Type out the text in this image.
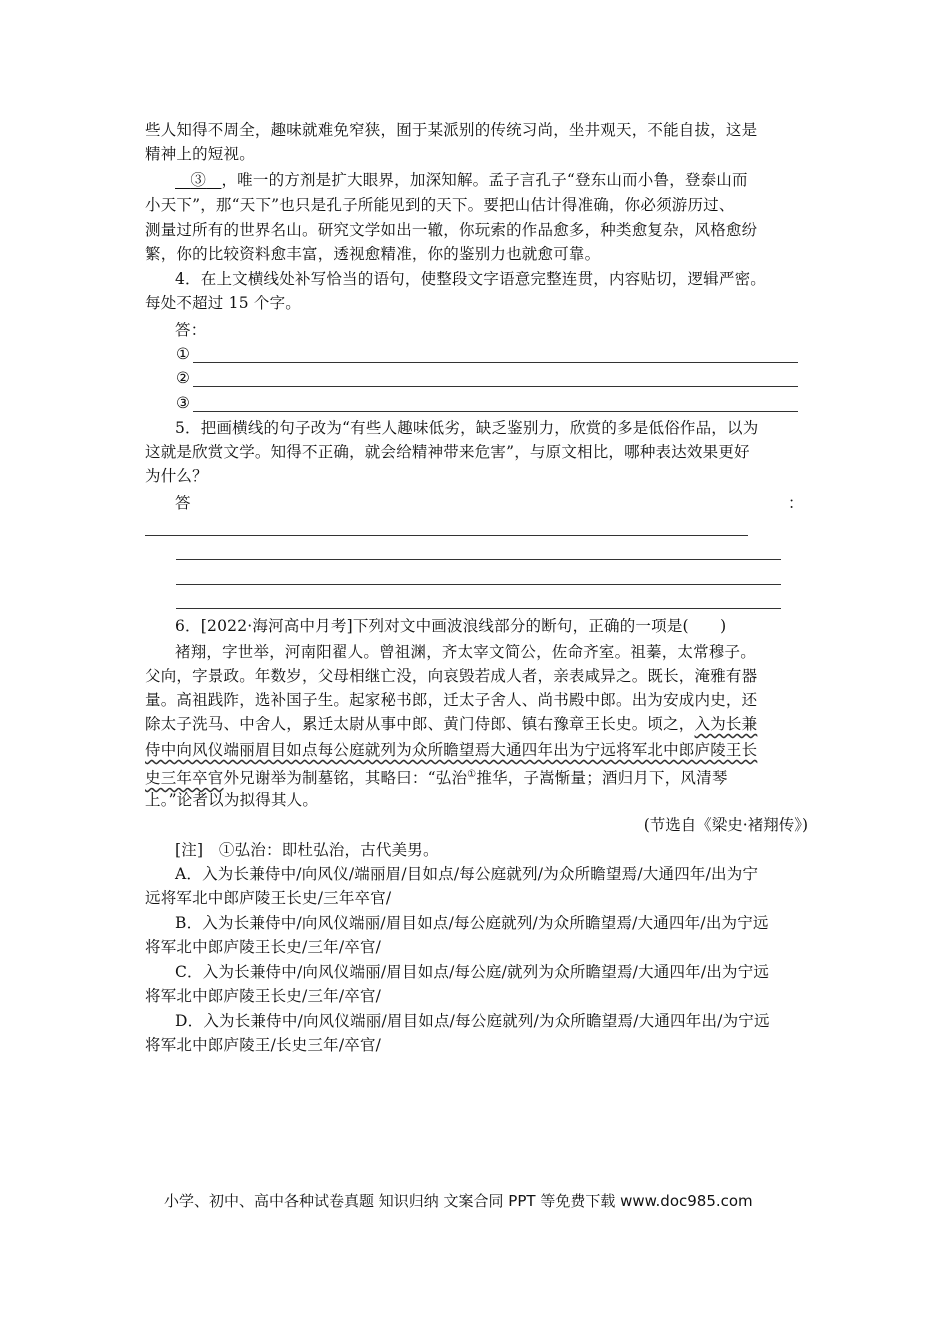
些人知得不周全，趣味就难免窄狭，囿于某派别的传统习尚，坐井观天，不能自拔，这是
精神上的短视。
③ ，唯一的方剂是扩大眼界，加深知解。孟子言孔子“登东山而小鲁，登泰山而
小天下”，那“天下”也只是孔子所能见到的天下。要把山估计得准确，你必须游历过、
测量过所有的世界名山。研究文学如出一辙，你玩索的作品愈多，种类愈复杂，风格愈纷
繁，你的比较资料愈丰富，透视愈精准，你的鉴别力也就愈可靠。
4．在上文横线处补写恰当的语句，使整段文字语意完整连贯，内容贴切，逻辑严密。
每处不超过 15 个字。
答：
①
②
③
5．把画横线的句子改为“有些人趣味低劣，缺乏鉴别力，欣赏的多是低俗作品，以为
这就是欣赏文学。知得不正确，就会给精神带来危害”，与原文相比，哪种表达效果更好
为什么？
答	：
6．[2022·海河高中月考]下列对文中画波浪线部分的断句，正确的一项是(　　)
褚翔，字世举，河南阳翟人。曾祖渊，齐太宰文简公，佐命齐室。祖蓁，太常穆子。
父向，字景政。年数岁，父母相继亡没，向哀毁若成人者，亲表咸异之。既长，淹雅有器
量。高祖践阼，选补国子生。起家秘书郎，迁太子舍人、尚书殿中郎。出为安成内史，还
除太子洗马、中舍人，累迁太尉从事中郎、黄门侍郎、镇右豫章王长史。顷之，入为长兼
侍中向风仪端丽眉目如点每公庭就列为众所瞻望焉大通四年出为宁远将军北中郎庐陵王长
史三年卒官外兄谢举为制墓铭，其略曰：“弘治①推华，子嵩惭量；酒归月下，风清琴
上。”论者以为拟得其人。
(节选自《梁史·褚翔传》)
[注]　①弘治：即杜弘治，古代美男。
A．入为长兼侍中/向风仪/端丽眉/目如点/每公庭就列/为众所瞻望焉/大通四年/出为宁
远将军北中郎庐陵王长史/三年卒官/
B．入为长兼侍中/向风仪端丽/眉目如点/每公庭就列/为众所瞻望焉/大通四年/出为宁远
将军北中郎庐陵王长史/三年/卒官/
C．入为长兼侍中/向风仪端丽/眉目如点/每公庭/就列为众所瞻望焉/大通四年/出为宁远
将军北中郎庐陵王长史/三年/卒官/
D．入为长兼侍中/向风仪端丽/眉目如点/每公庭就列/为众所瞻望焉/大通四年出/为宁远
将军北中郎庐陵王/长史三年/卒官/
小学、初中、高中各种试卷真题 知识归纳 文案合同 PPT 等免费下载 www.doc985.com
